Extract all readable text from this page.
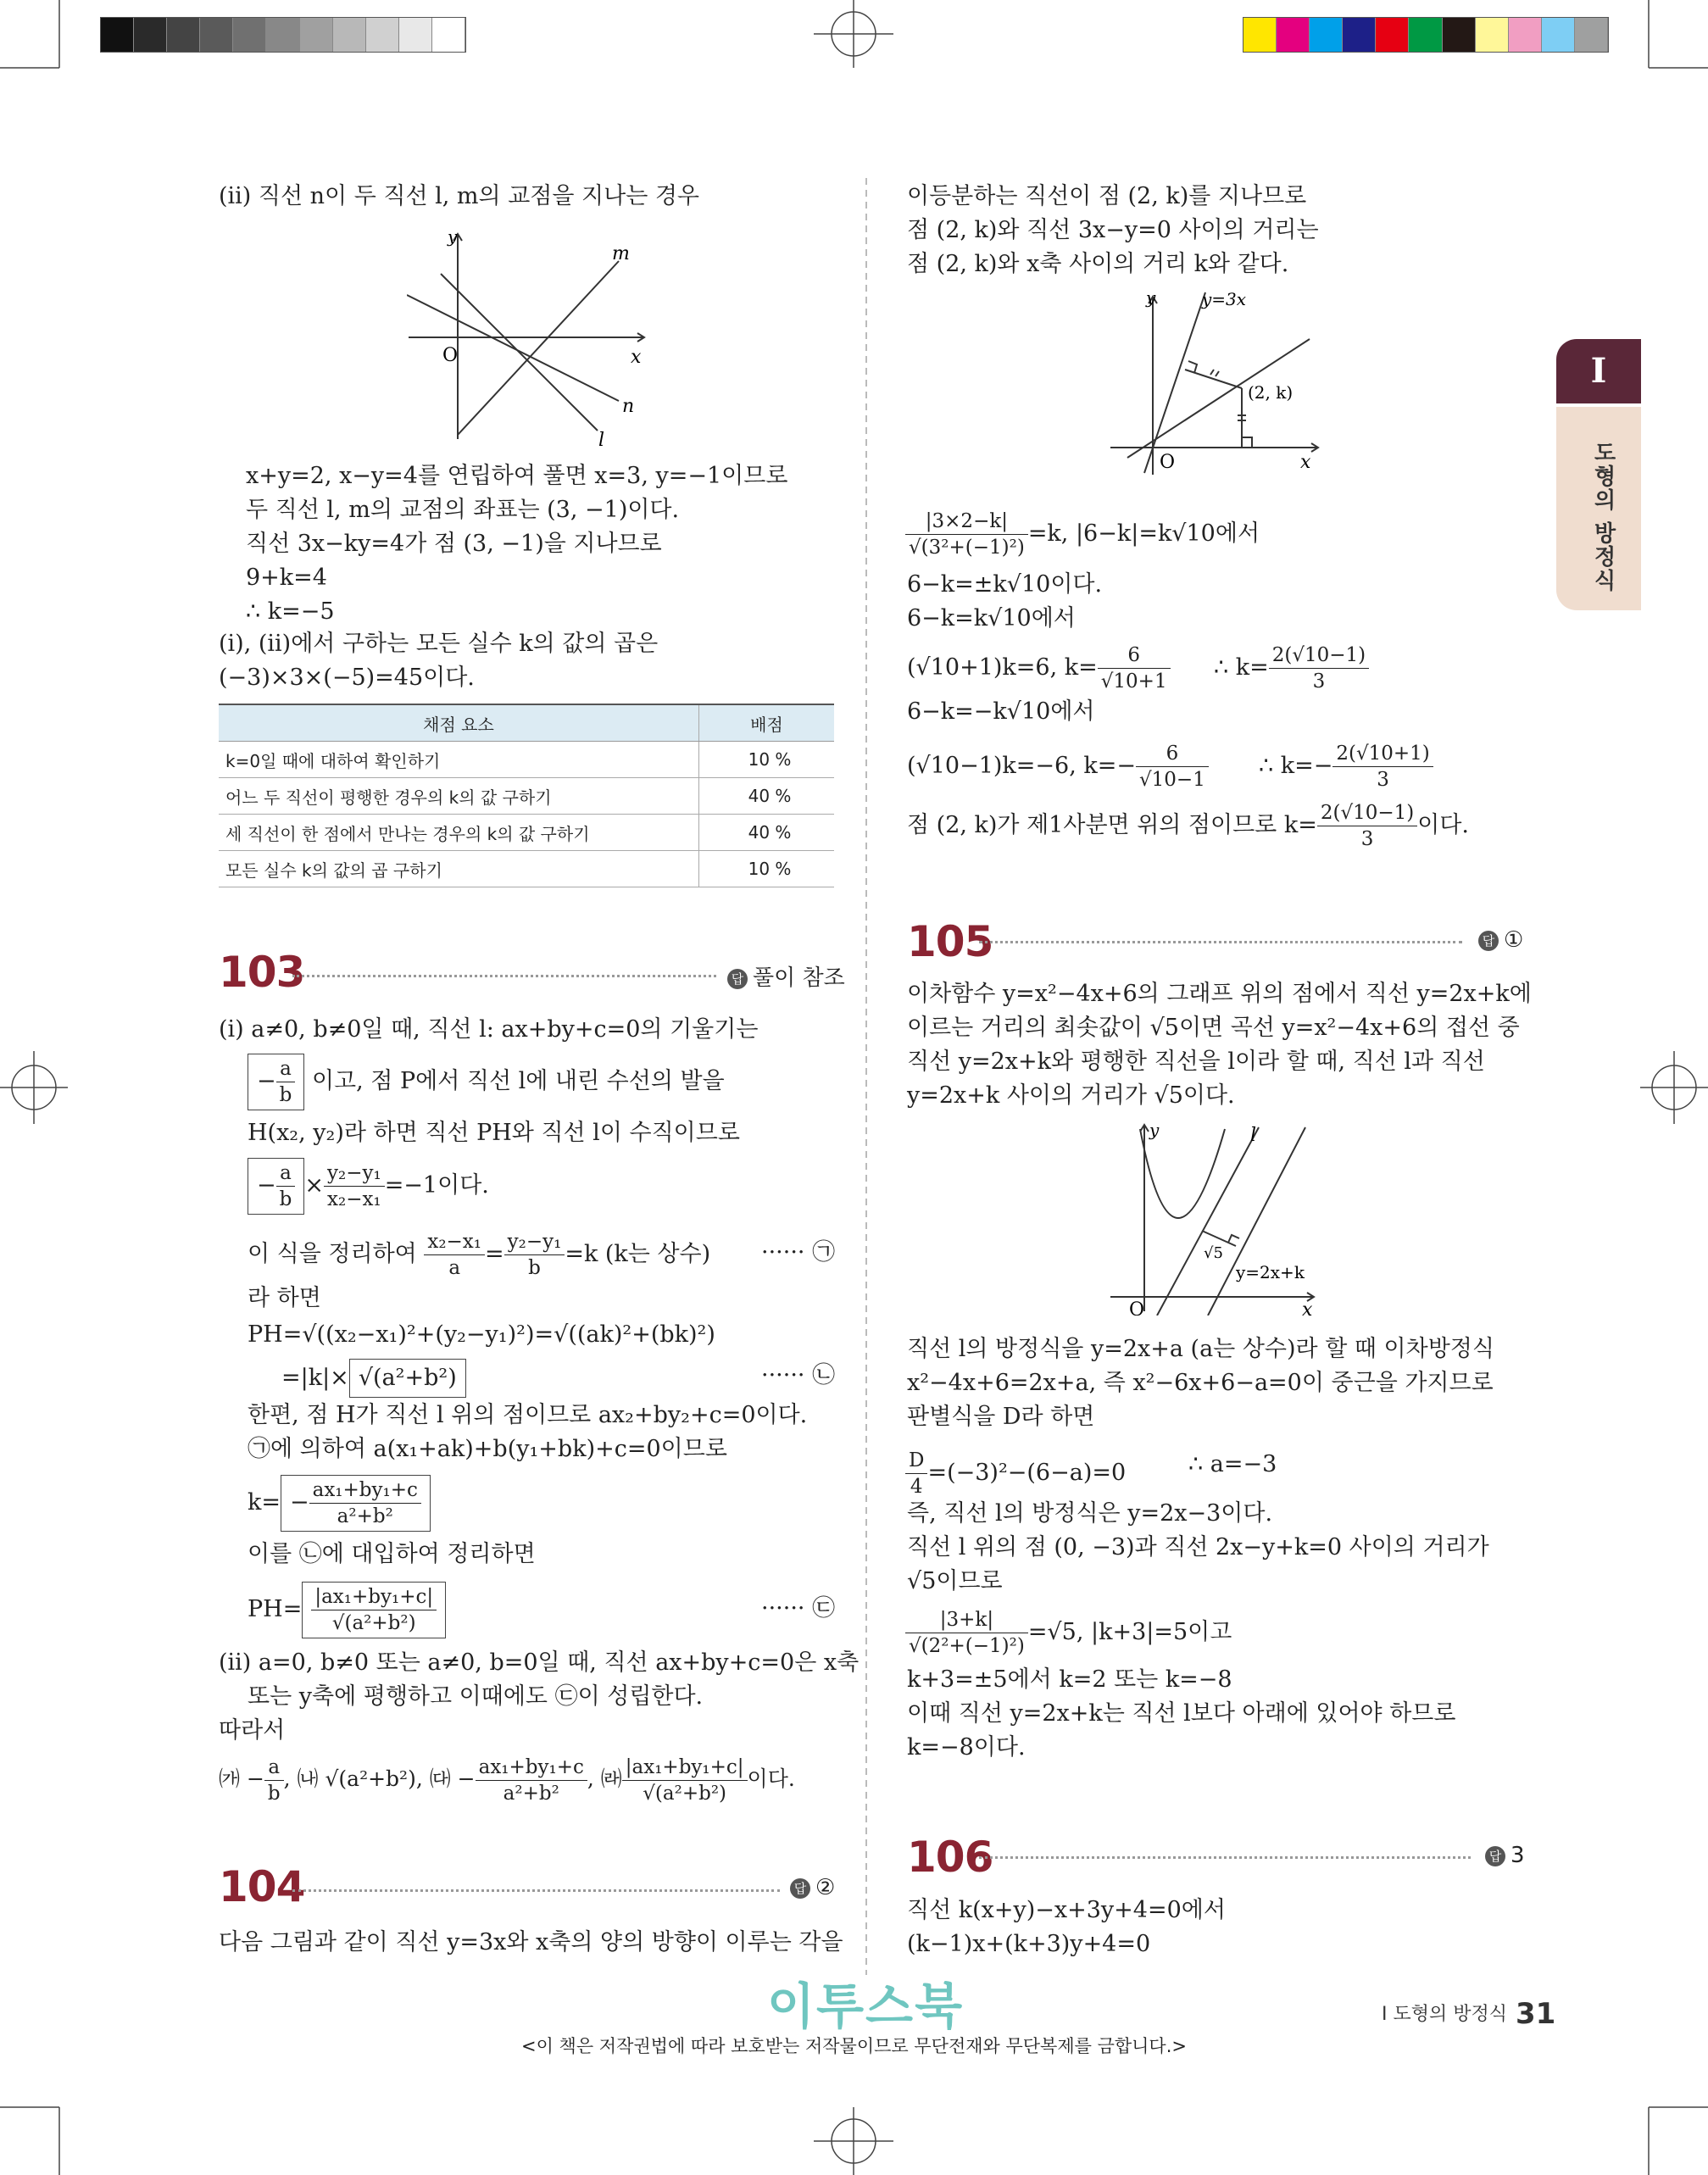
(ⅱ) 직선 n이 두 직선 l, m의 교점을 지나는 경우
y
x
O
m
n
l
x+y=2, x−y=4를 연립하여 풀면 x=3, y=−1이므로
두 직선 l, m의 교점의 좌표는 (3, −1)이다.
직선 3x−ky=4가 점 (3, −1)을 지나므로
9+k=4
∴ k=−5
(ⅰ), (ⅱ)에서 구하는 모든 실수 k의 값의 곱은
(−3)×3×(−5)=45이다.
채점 요소	배점
k=0일 때에 대하여 확인하기	10 %
어느 두 직선이 평행한 경우의 k의 값 구하기	40 %
세 직선이 한 점에서 만나는 경우의 k의 값 구하기	40 %
모든 실수 k의 값의 곱 구하기	10 %
103	답 풀이 참조
(ⅰ) a≠0, b≠0일 때, 직선 l: ax+by+c=0의 기울기는
− $\frac{a}{b}$ 이고, 점 P에서 직선 l에 내린 수선의 발을
H(x₂, y₂)라 하면 직선 PH와 직선 l이 수직이므로
− $\frac{a}{b} \times \frac{\text{y₂−y₁}}{\text{x₂−x₁}} =-1$이다.
이 식을 정리하여 $\frac{\text{x₂−x₁}}{a} = \frac{\text{y₂−y₁}}{b} =k$ (k는 상수) ······ ㉠
라 하면
PH=√((x₂−x₁)²+(y₂−y₁)²)=√((ak)²+(bk)²)
=|k|× √(a²+b²)	······ ㉡
한편, 점 H가 직선 l 위의 점이므로 ax₂+by₂+c=0이다.
㉠에 의하여 a(x₁+ak)+b(y₁+bk)+c=0이므로
$k= - \frac{\text{ax₁+by₁+c}}{\text{a²+b²}}$
이를 ㉡에 대입하여 정리하면
$PH= \frac{\text{|ax₁+by₁+c|}}{\text{√(a²+b²)}}$	······ ㉢
(ⅱ) a=0, b≠0 또는 a≠0, b=0일 때, 직선 ax+by+c=0은 x축
또는 y축에 평행하고 이때에도 ㉢이 성립한다.
따라서
㈎ − $\frac{a}{b}$ , ㈏ √(a²+b²), ㈐ − $\frac{\text{ax₁+by₁+c}}{\text{a²+b²}}$ , ㈑ $\frac{\text{|ax₁+by₁+c|}}{\text{√(a²+b²)}}$ 이다.
104	답 ②
다음 그림과 같이 직선 y=3x와 x축의 양의 방향이 이루는 각을
이등분하는 직선이 점 (2, k)를 지나므로
점 (2, k)와 직선 3x−y=0 사이의 거리는
점 (2, k)와 x축 사이의 거리 k와 같다.
y
x
O
y=3x
(2, k)
$\frac{|3\times 2-k|}{\text{√(3²+(−1)²)}} =k$, |6−k|=k√10에서
6−k=±k√10이다.
6−k=k√10에서
(√10+1)k=6, $k= \frac{6}{√10+1}$ ∴ $k= \frac{2(√10-1)}{3}$
6−k=−k√10에서
(√10−1)k=−6, $k=- \frac{6}{√10-1}$ ∴ $k=- \frac{2(√10+1)}{3}$
점 (2, k)가 제1사분면 위의 점이므로 $k= \frac{2(√10-1)}{3}$ 이다.
105	답 ①
이차함수 y=x²−4x+6의 그래프 위의 점에서 직선 y=2x+k에
이르는 거리의 최솟값이 √5이면 곡선 y=x²−4x+6의 접선 중
직선 y=2x+k와 평행한 직선을 l이라 할 때, 직선 l과 직선
y=2x+k 사이의 거리가 √5이다.
y
x
O
l
y=2x+k
√5
직선 l의 방정식을 y=2x+a (a는 상수)라 할 때 이차방정식
x²−4x+6=2x+a, 즉 x²−6x+6−a=0이 중근을 가지므로
판별식을 D라 하면
$\frac{D}{4} =(-3)^2-(6-a)=0$	∴ a=−3
즉, 직선 l의 방정식은 y=2x−3이다.
직선 l 위의 점 (0, −3)과 직선 2x−y+k=0 사이의 거리가
√5이므로
$\frac{|3+k|}{\text{√(2²+(−1)²)}} =√5$, |k+3|=5이고
k+3=±5에서 k=2 또는 k=−8
이때 직선 y=2x+k는 직선 l보다 아래에 있어야 하므로
k=−8이다.
106	답 3
직선 k(x+y)−x+3y+4=0에서
(k−1)x+(k+3)y+4=0
I
도형의 방정식
이투스북	I 도형의 방정식 31
<이 책은 저작권법에 따라 보호받는 저작물이므로 무단전재와 무단복제를 금합니다.>
